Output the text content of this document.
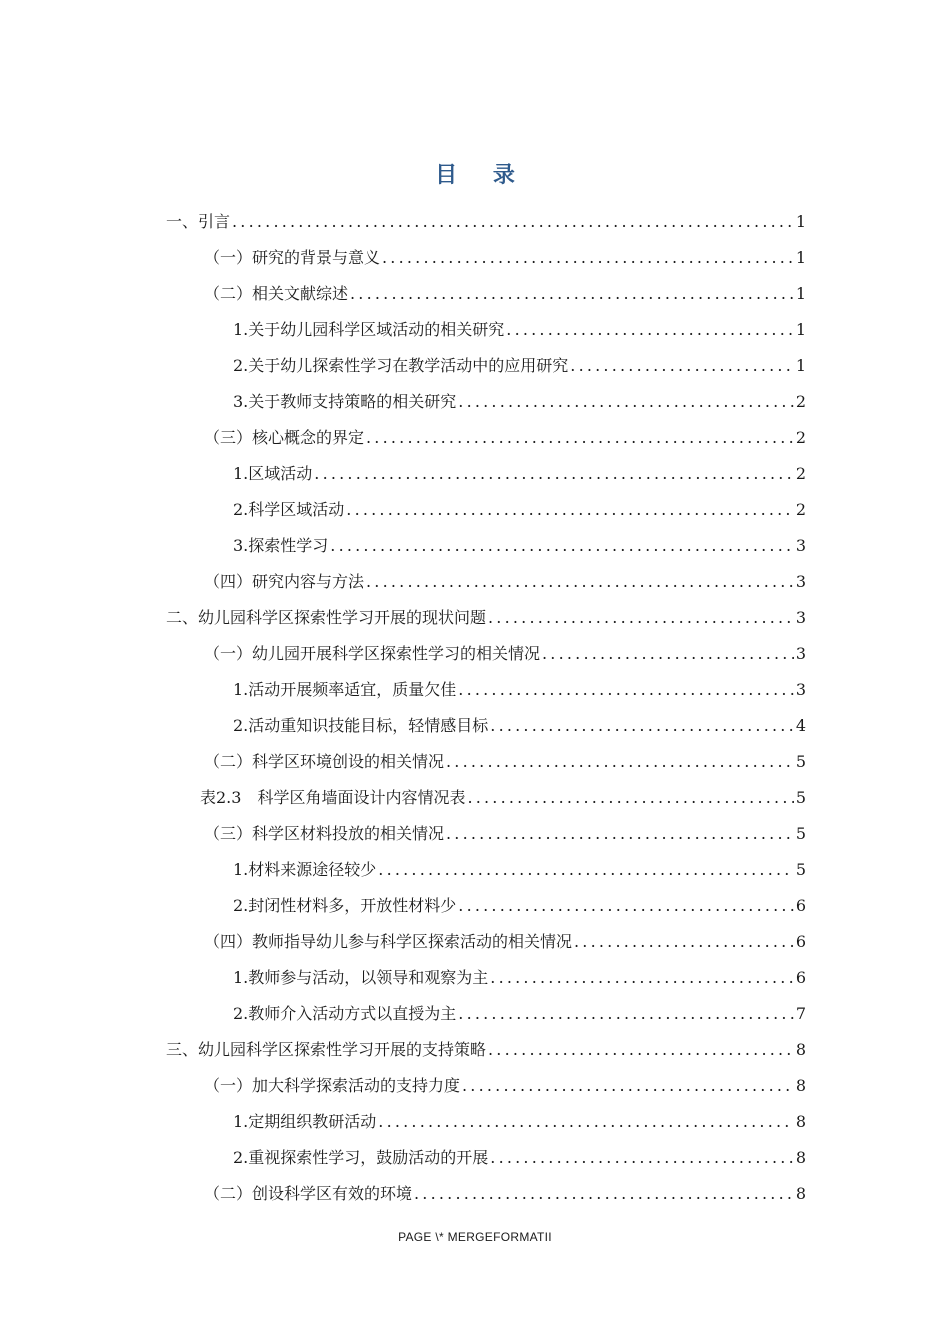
目 录
一、引言 .....	1
（一）研究的背景与意义 .....	1
（二）相关文献综述 .....	1
1.关于幼儿园科学区域活动的相关研究 .....	1
2.关于幼儿探索性学习在教学活动中的应用研究 .....	1
3.关于教师支持策略的相关研究 .....	2
（三）核心概念的界定 .....	2
1.区域活动 .....	2
2.科学区域活动 .....	2
3.探索性学习 .....	3
（四）研究内容与方法 .....	3
二、幼儿园科学区探索性学习开展的现状问题 .....	3
（一）幼儿园开展科学区探索性学习的相关情况 .....	3
1.活动开展频率适宜，质量欠佳 .....	3
2.活动重知识技能目标，轻情感目标 .....	4
（二）科学区环境创设的相关情况 .....	5
表2.3　科学区角墙面设计内容情况表 .....	5
（三）科学区材料投放的相关情况 .....	5
1.材料来源途径较少 .....	5
2.封闭性材料多，开放性材料少 .....	6
（四）教师指导幼儿参与科学区探索活动的相关情况 .....	6
1.教师参与活动，以领导和观察为主 .....	6
2.教师介入活动方式以直授为主 .....	7
三、幼儿园科学区探索性学习开展的支持策略 .....	8
（一）加大科学探索活动的支持力度 .....	8
1.定期组织教研活动 .....	8
2.重视探索性学习，鼓励活动的开展 .....	8
（二）创设科学区有效的环境 .....	8
PAGE \* MERGEFORMATII
